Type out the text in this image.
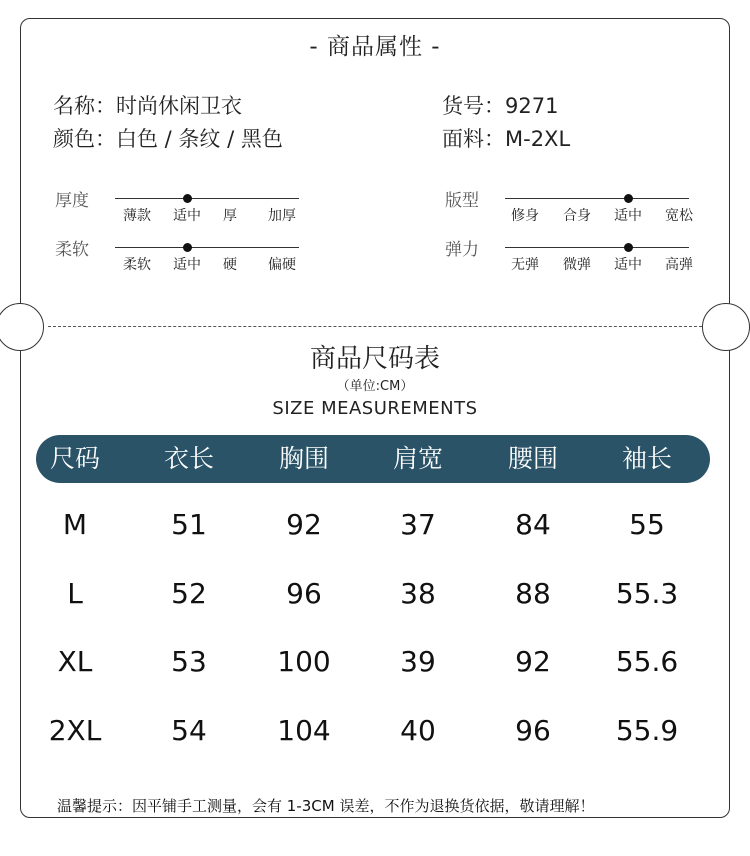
- 商品属性 -
名称：时尚休闲卫衣	货号：9271
颜色：白色 / 条纹 / 黑色	面料：M-2XL
厚度
薄款 适中 厚 加厚
柔软
柔软 适中 硬 偏硬
版型
修身 合身 适中 宽松
弹力
无弹 微弹 适中 高弹
商品尺码表
（单位:CM）
SIZE MEASUREMENTS
尺码	衣长	胸围	肩宽	腰围	袖长
M	51	92	37	84	55
L	52	96	38	88 55.3
XL	53	100 39	92 55.6
2XL 54	104 40	96 55.9
温馨提示：因平铺手工测量，会有 1-3CM 误差，不作为退换货依据，敬请理解！
